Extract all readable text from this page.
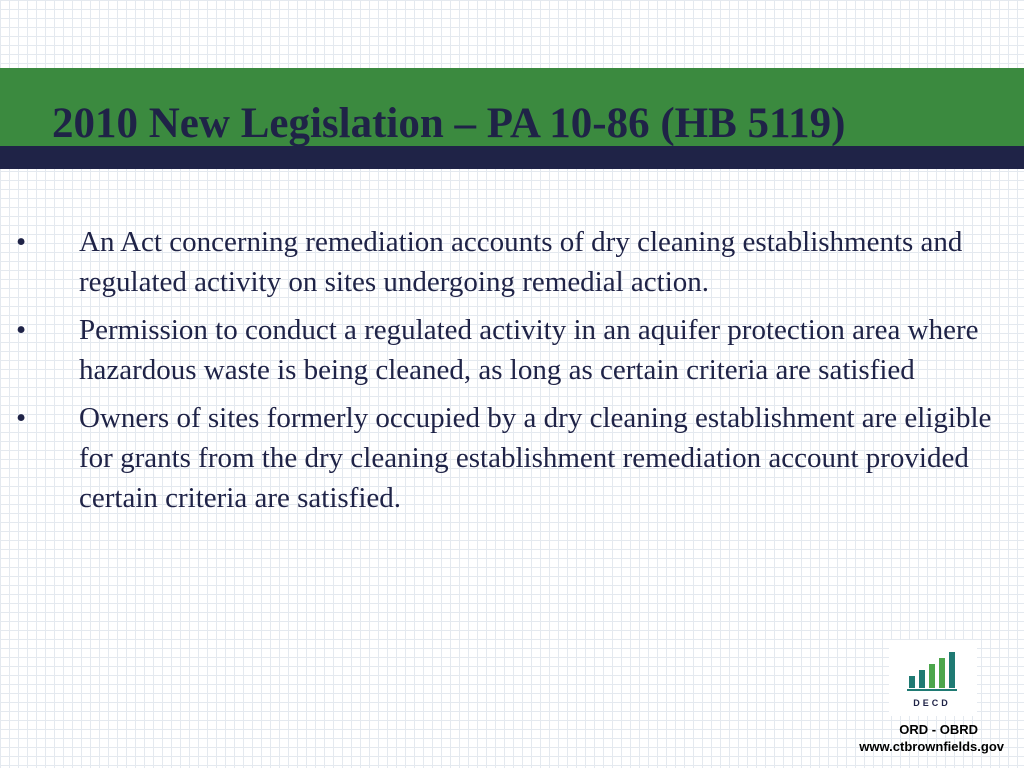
2010 New Legislation – PA 10-86 (HB 5119)
• An Act concerning remediation accounts of dry cleaning establishments and regulated activity on sites undergoing remedial action.
• Permission to conduct a regulated activity in an aquifer protection area where hazardous waste is being cleaned, as long as certain criteria are satisfied
• Owners of sites formerly occupied by a dry cleaning establishment are eligible for grants from the dry cleaning establishment remediation account provided certain criteria are satisfied.
DECD
ORD - OBRD
www.ctbrownfields.gov
